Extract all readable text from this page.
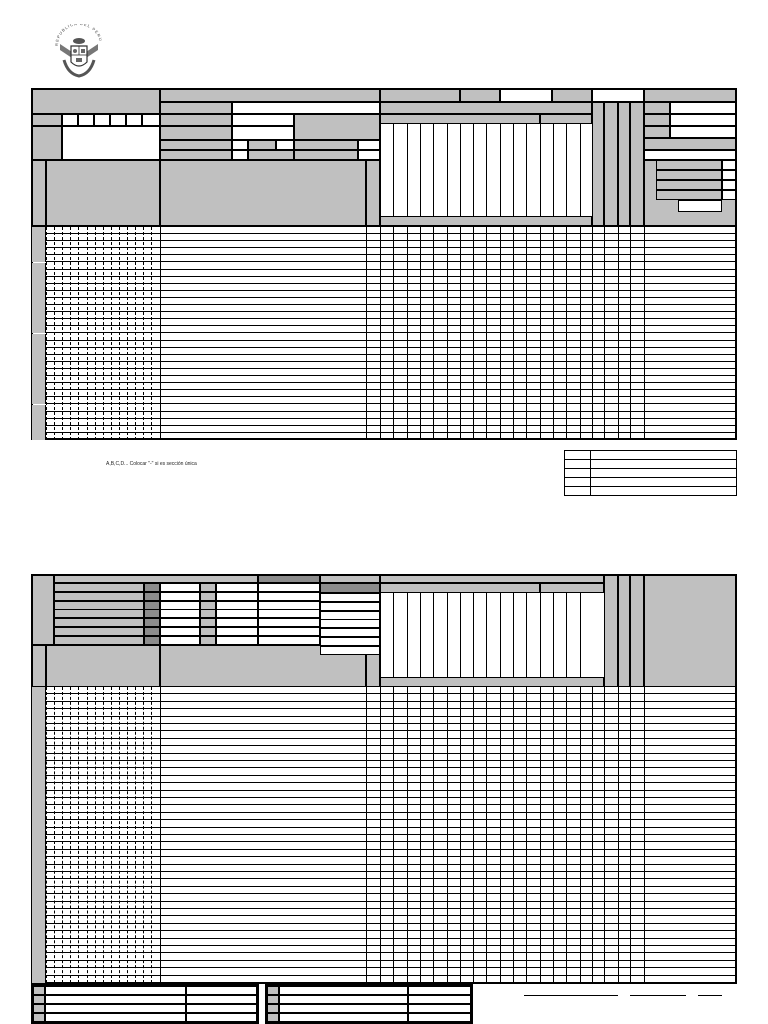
REPUBLIC EL PERU
A,B,C,D... Colocar "-" si es sección única
